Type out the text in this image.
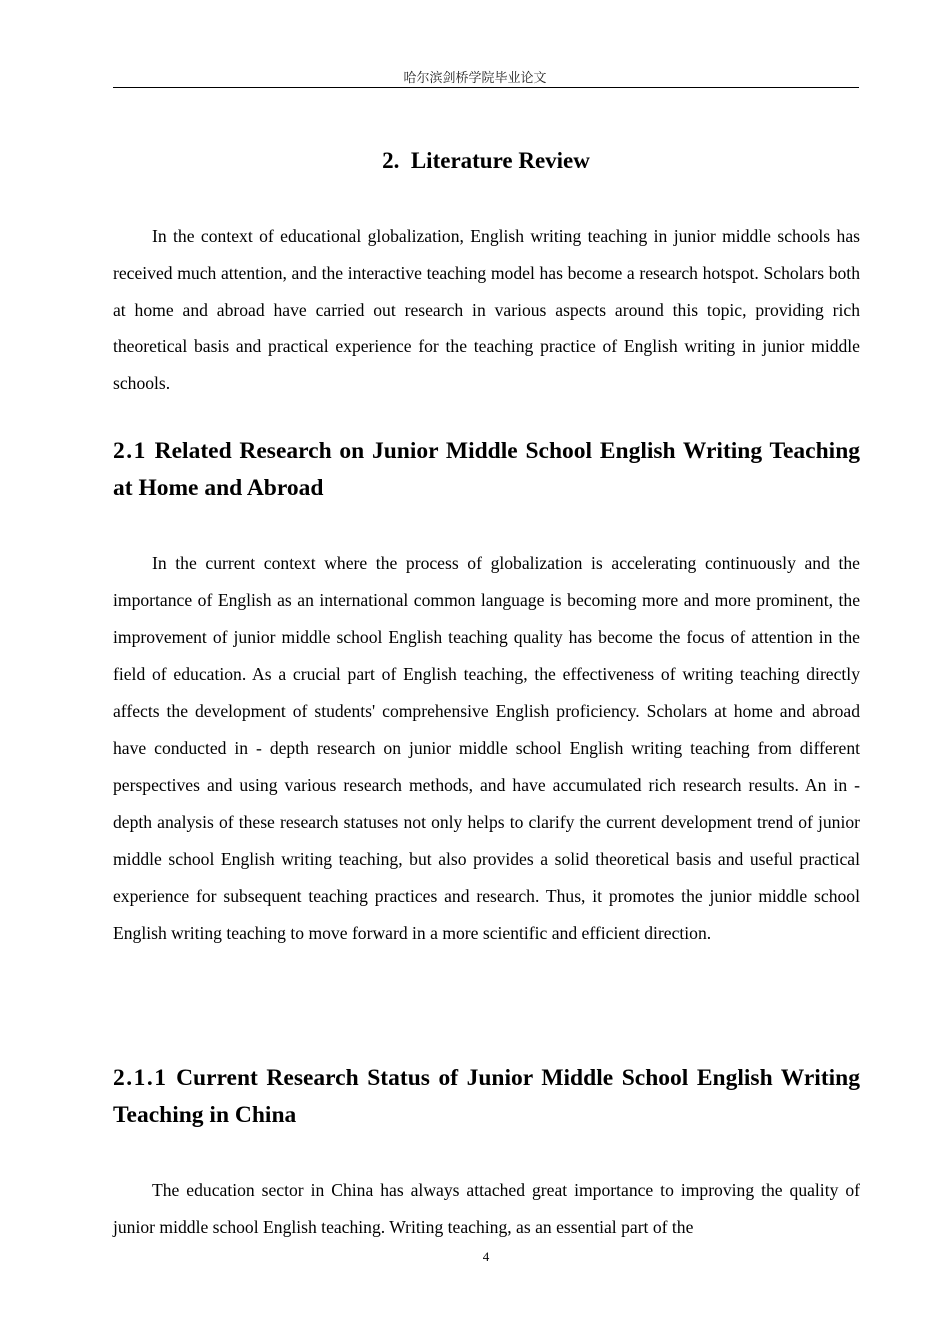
哈尔滨剑桥学院毕业论文
2. Literature Review

In the context of educational globalization, English writing teaching in junior middle schools has received much attention, and the interactive teaching model has become a research hotspot. Scholars both at home and abroad have carried out research in various aspects around this topic, providing rich theoretical basis and practical experience for the teaching practice of English writing in junior middle schools.

2.1 Related Research on Junior Middle School English Writing Teaching at Home and Abroad

In the current context where the process of globalization is accelerating continuously and the importance of English as an international common language is becoming more and more prominent, the improvement of junior middle school English teaching quality has become the focus of attention in the field of education. As a crucial part of English teaching, the effectiveness of writing teaching directly affects the development of students' comprehensive English proficiency. Scholars at home and abroad have conducted in - depth research on junior middle school English writing teaching from different perspectives and using various research methods, and have accumulated rich research results. An in - depth analysis of these research statuses not only helps to clarify the current development trend of junior middle school English writing teaching, but also provides a solid theoretical basis and useful practical experience for subsequent teaching practices and research. Thus, it promotes the junior middle school English writing teaching to move forward in a more scientific and efficient direction.

2.1.1 Current Research Status of Junior Middle School English Writing Teaching in China

The education sector in China has always attached great importance to improving the quality of junior middle school English teaching. Writing teaching, as an essential part of the

4
